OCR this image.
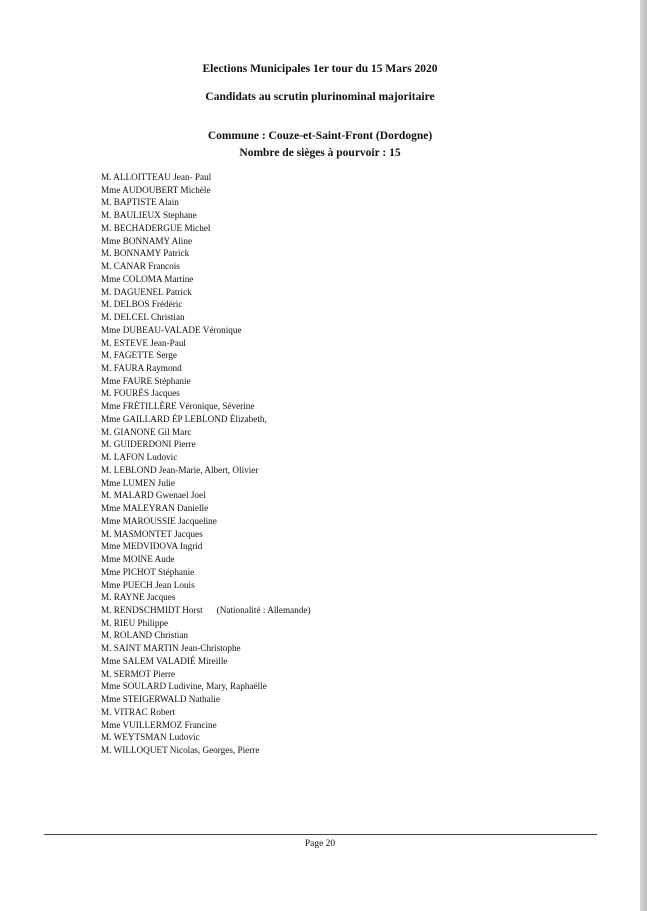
Elections Municipales 1er tour du 15 Mars 2020
Candidats au scrutin plurinominal majoritaire
Commune : Couze-et-Saint-Front (Dordogne)
Nombre de sièges à pourvoir : 15
M. ALLOITTEAU Jean- Paul
Mme AUDOUBERT Michèle
M. BAPTISTE Alain
M. BAULIEUX Stephane
M. BECHADERGUE Michel
Mme BONNAMY Aline
M. BONNAMY Patrick
M. CANAR Francois
Mme COLOMA Martine
M. DAGUENEL Patrick
M. DELBOS Frédéric
M. DELCEL Christian
Mme DUBEAU-VALADE Véronique
M. ESTEVE Jean-Paul
M. FAGETTE Serge
M. FAURA Raymond
Mme FAURE Stéphanie
M. FOURÈS Jacques
Mme FRÉTILLÈRE Véronique, Séverine
Mme GAILLARD ÉP LEBLOND Élizabeth,
M. GIANONE Gil Marc
M. GUIDERDONI Pierre
M. LAFON Ludovic
M. LEBLOND Jean-Marie, Albert, Olivier
Mme LUMEN Julie
M. MALARD Gwenael Joel
Mme MALEYRAN Danielle
Mme MAROUSSIE Jacqueline
M. MASMONTET Jacques
Mme MEDVIDOVA Ingrid
Mme MOINE Aude
Mme PICHOT Stéphanie
Mme PUECH Jean Louis
M. RAYNE Jacques
M. RENDSCHMIDT Horst (Nationalité : Allemande)
M. RIEU Philippe
M. ROLAND Christian
M. SAINT MARTIN Jean-Christophe
Mme SALEM VALADIÉ Mireille
M. SERMOT Pierre
Mme SOULARD Ludivine, Mary, Raphaëlle
Mme STEIGERWALD Nathalie
M. VITRAC Robert
Mme VUILLERMOZ Francine
M. WEYTSMAN Ludovic
M. WILLOQUET Nicolas, Georges, Pierre
Page 20
